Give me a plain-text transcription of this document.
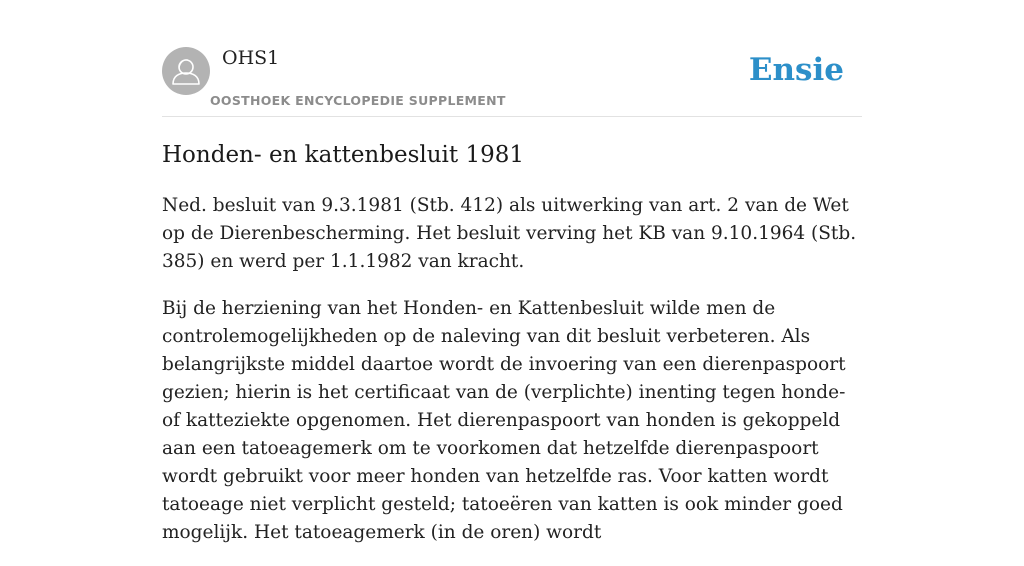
OHS1
OOSTHOEK ENCYCLOPEDIE SUPPLEMENT
Ensie
Honden- en kattenbesluit 1981

Ned. besluit van 9.3.1981 (Stb. 412) als uitwerking van art. 2 van de Wet op de Dierenbescherming. Het besluit verving het KB van 9.10.1964 (Stb. 385) en werd per 1.1.1982 van kracht.

Bij de herziening van het Honden- en Kattenbesluit wilde men de controlemogelijkheden op de naleving van dit besluit verbeteren. Als belangrijkste middel daartoe wordt de invoering van een dierenpaspoort gezien; hierin is het certificaat van de (verplichte) inenting tegen honde- of katteziekte opgenomen. Het dierenpaspoort van honden is gekoppeld aan een tatoeagemerk om te voorkomen dat hetzelfde dierenpaspoort wordt gebruikt voor meer honden van hetzelfde ras. Voor katten wordt tatoeage niet verplicht gesteld; tatoeëren van katten is ook minder goed mogelijk. Het tatoeagemerk (in de oren) wordt
